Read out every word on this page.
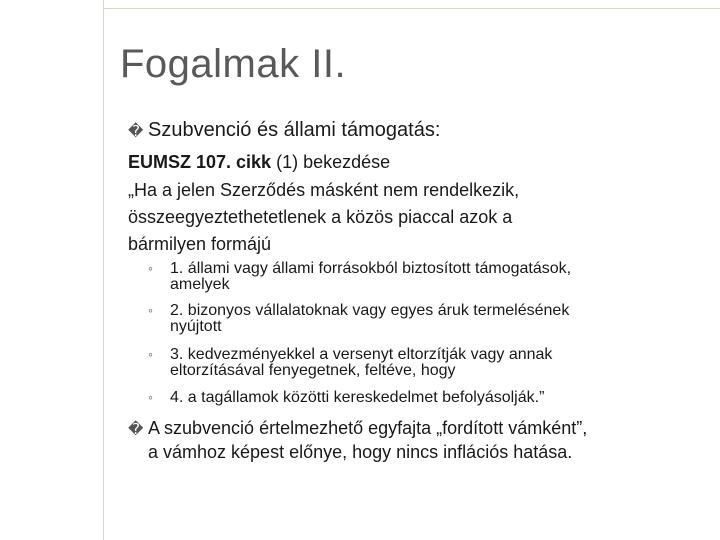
Fogalmak II.
� Szubvenció és állami támogatás:
EUMSZ 107. cikk (1) bekezdése
„Ha a jelen Szerződés másként nem rendelkezik,
összeegyeztethetetlenek a közös piaccal azok a
bármilyen formájú
◦ 1. állami vagy állami forrásokból biztosított támogatások,
amelyek
◦ 2. bizonyos vállalatoknak vagy egyes áruk termelésének
nyújtott
◦ 3. kedvezményekkel a versenyt eltorzítják vagy annak
eltorzításával fenyegetnek, feltéve, hogy
◦ 4. a tagállamok közötti kereskedelmet befolyásolják.”
� A szubvenció értelmezhető egyfajta „fordított vámként”,
a vámhoz képest előnye, hogy nincs inflációs hatása.
